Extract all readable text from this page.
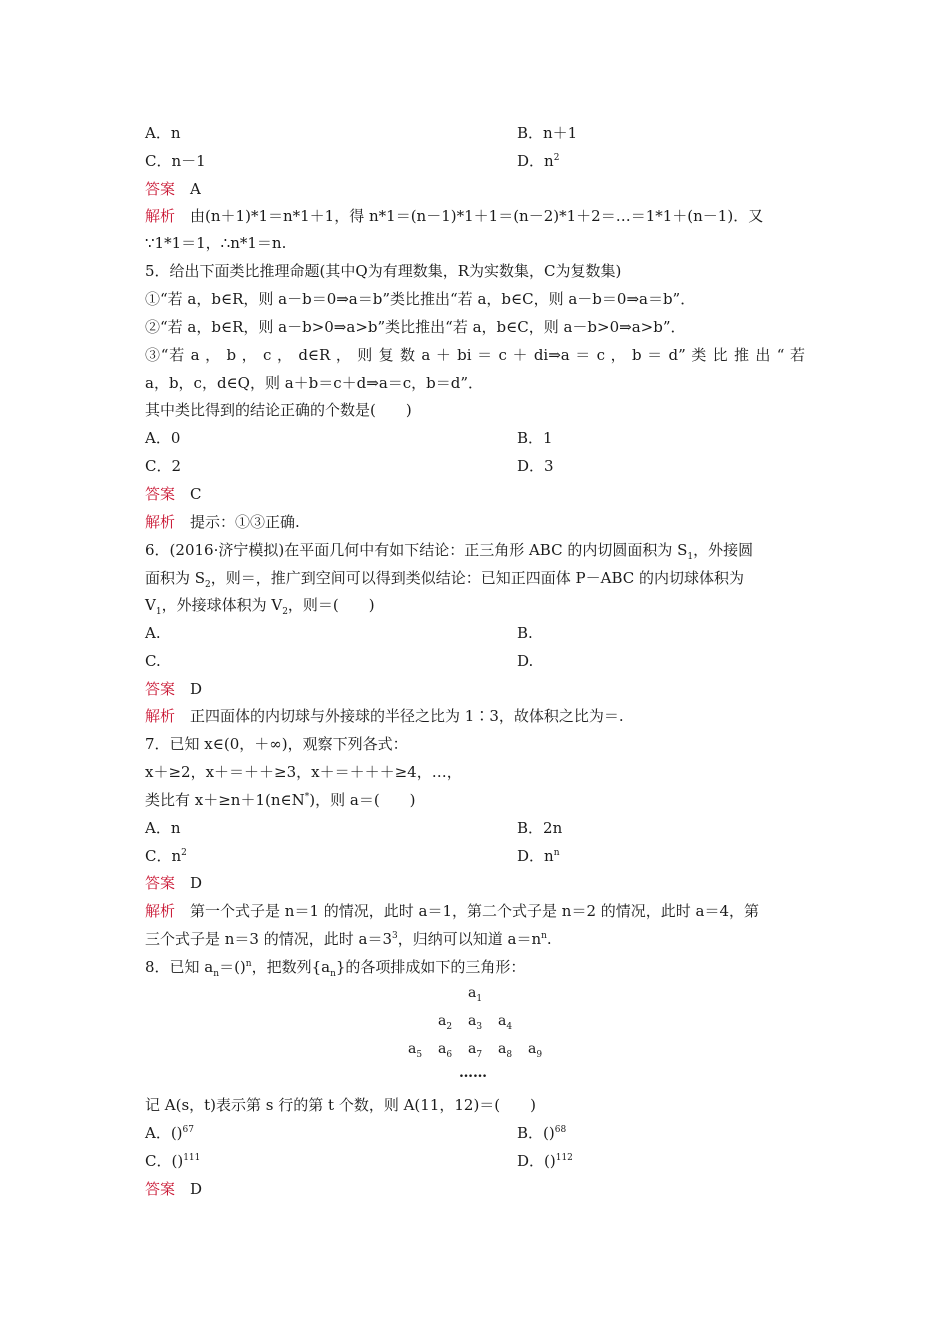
A．n	B．n＋1
C．n－1	D．$n^2$
答案　 A
解析　 由(n＋1)*1＝n*1＋1，得 n*1＝(n－1)*1＋1＝(n－2)*1＋2＝…＝1*1＋(n－1)．又
∵1*1＝1，∴n*1＝n.
5．给出下面类比推理命题(其中Q为有理数集，R为实数集，C为复数集)
①“若 a，b∈R，则 a－b＝0⇒a＝b”类比推出“若 a，b∈C，则 a－b＝0⇒a＝b”．
②“若 a，b∈R，则 a－b>0⇒a>b”类比推出“若 a，b∈C，则 a－b>0⇒a>b”．
③“若 a ， b ， c ， d∈R ， 则 复 数 a ＋ bi ＝ c ＋ di⇒a ＝ c ， b ＝ d” 类 比 推 出 “ 若
a，b，c，d∈Q，则 a＋b＝c＋d⇒a＝c，b＝d”．
其中类比得到的结论正确的个数是(　　)
A．0	B．1
C．2	D．3
答案　 C
解析　 提示：①③正确.
6．(2016·济宁模拟)在平面几何中有如下结论：正三角形 ABC 的内切圆面积为 $S_1$，外接圆
面积为 $S_2$，则＝，推广到空间可以得到类似结论：已知正四面体 P－ABC 的内切球体积为
$V_1$，外接球体积为 $V_2$，则＝(　　)
A.	B.
C.	D.
答案　 D
解析　 正四面体的内切球与外接球的半径之比为 1∶3，故体积之比为＝.
7．已知 x∈(0，＋∞)，观察下列各式：
x＋≥2，x＋＝＋＋≥3，x＋＝＋＋＋≥4，…，
类比有 x＋≥n＋1(n∈N*)，则 a＝(　　)
A．n	B．2n
C．$n^2$	D．$n^n$
答案　 D
解析　 第一个式子是 n＝1 的情况，此时 a＝1，第二个式子是 n＝2 的情况，此时 a＝4，第
三个式子是 n＝3 的情况，此时 $a=3^3$，归纳可以知道 $a=n^n$.
8．已知 $a_n=()^n$，把数列$\{a_n\}$的各项排成如下的三角形：
$a_1$
$a_2$ $a_3$ $a_4$
$a_5$ $a_6$ $a_7$ $a_8$ $a_9$
……
记 A(s，t)表示第 s 行的第 t 个数，则 A(11，12)＝(　　)
A．()$^{67}$	B．()$^{68}$
C．()$^{111}$	D．()$^{112}$
答案　 D
